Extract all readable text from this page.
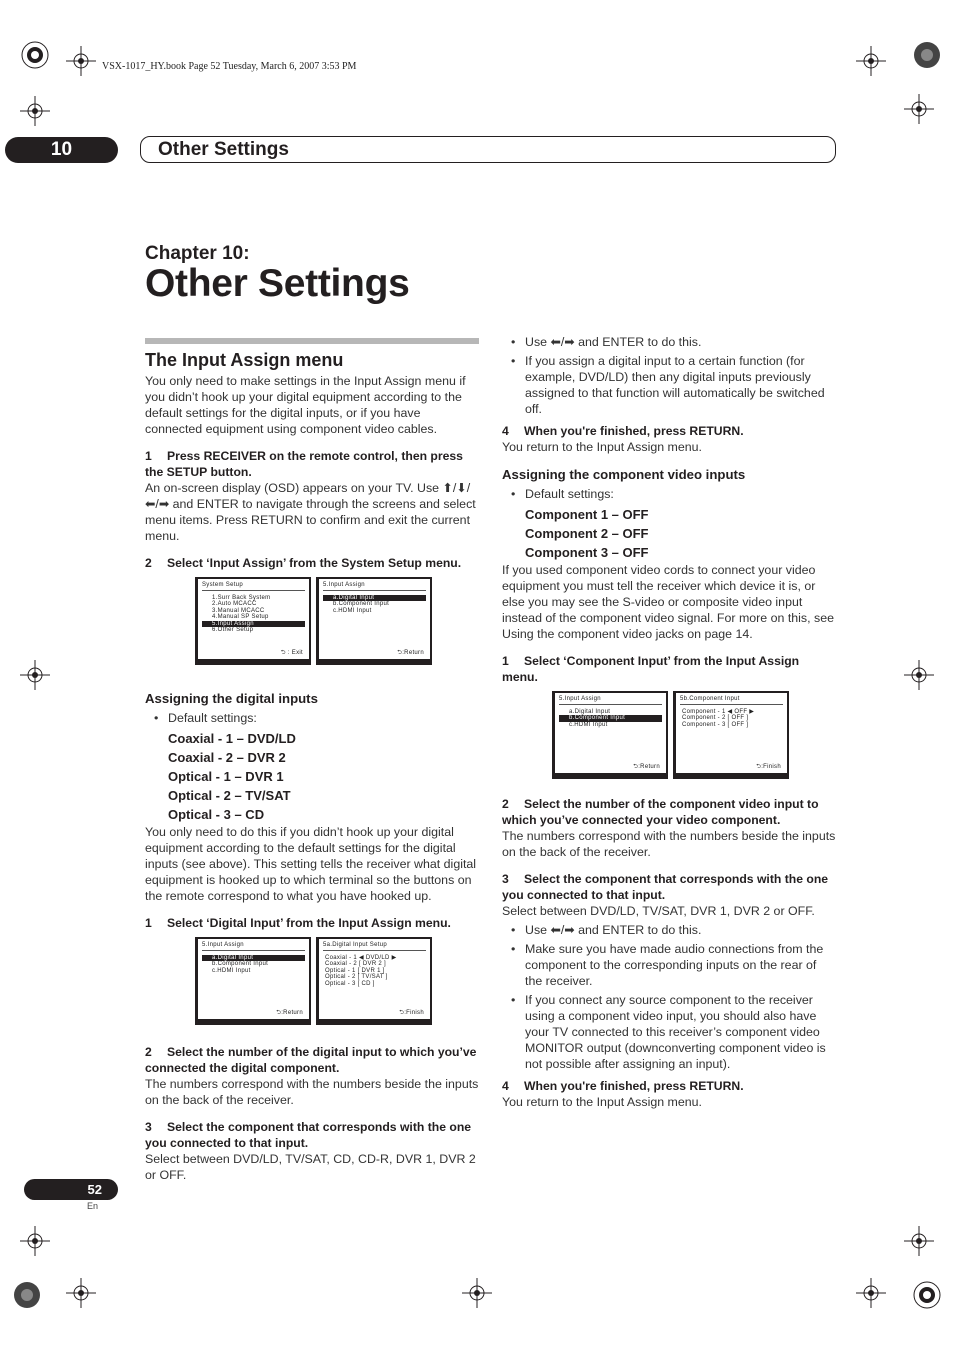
VSX-1017_HY.book Page 52 Tuesday, March 6, 2007 3:53 PM
10	Other Settings
Chapter 10:
Other Settings
The Input Assign menu

You only need to make settings in the Input Assign menu if you didn’t hook up your digital equipment according to the default settings for the digital inputs, or if you have connected equipment using component video cables.

1 Press RECEIVER on the remote control, then press the SETUP button.

An on-screen display (OSD) appears on your TV. Use ⬆/⬇/⬅/➡ and ENTER to navigate through the screens and select menu items. Press RETURN to confirm and exit the current menu.

2 Select ‘Input Assign’ from the System Setup menu.
System Setup
1.Surr Back System
2.Auto MCACC
3.Manual MCACC
4.Manual SP Setup
5.Input Assign
6.Other Setup
⮌ : Exit
5.Input Assign
a.Digital Input
b.Component Input
c.HDMI Input
⮌:Return
Assigning the digital inputs
• Default settings:
Coaxial - 1 – DVD/LD
Coaxial - 2 – DVR 2
Optical - 1 – DVR 1
Optical - 2 – TV/SAT
Optical - 3 – CD

You only need to do this if you didn’t hook up your digital equipment according to the default settings for the digital inputs (see above). This setting tells the receiver what digital equipment is hooked up to which terminal so the buttons on the remote correspond to what you have hooked up.

1 Select ‘Digital Input’ from the Input Assign menu.
5.Input Assign
a.Digital Input
b.Component Input
c.HDMI Input
⮌:Return
5a.Digital Input Setup
Coaxial - 1 ◀ DVD/LD ▶
Coaxial - 2 [ DVR 2 ]
Optical - 1 [ DVR 1 ]
Optical - 2 [ TV/SAT ]
Optical - 3 [ CD ]
⮌:Finish
2 Select the number of the digital input to which you’ve connected the digital component.

The numbers correspond with the numbers beside the inputs on the back of the receiver.

3 Select the component that corresponds with the one you connected to that input.

Select between DVD/LD, TV/SAT, CD, CD-R, DVR 1, DVR 2 or OFF.

• Use ⬅/➡ and ENTER to do this.
• If you assign a digital input to a certain function (for example, DVD/LD) then any digital inputs previously assigned to that function will automatically be switched off.
4 When you're finished, press RETURN.

You return to the Input Assign menu.

Assigning the component video inputs
• Default settings:
Component 1 – OFF
Component 2 – OFF
Component 3 – OFF

If you used component video cords to connect your video equipment you must tell the receiver which device it is, or else you may see the S-video or composite video input instead of the component video signal. For more on this, see Using the component video jacks on page 14.

1 Select ‘Component Input’ from the Input Assign menu.
5.Input Assign
a.Digital Input
b.Component Input
c.HDMI Input
⮌:Return
5b.Component Input
Component - 1 ◀ OFF ▶
Component - 2 [ OFF ]
Component - 3 [ OFF ]
⮌:Finish
2 Select the number of the component video input to which you’ve connected your video component.

The numbers correspond with the numbers beside the inputs on the back of the receiver.

3 Select the component that corresponds with the one you connected to that input.

Select between DVD/LD, TV/SAT, DVR 1, DVR 2 or OFF.

• Use ⬅/➡ and ENTER to do this.
• Make sure you have made audio connections from the component to the corresponding inputs on the rear of the receiver.
• If you connect any source component to the receiver using a component video input, you should also have your TV connected to this receiver’s component video MONITOR output (downconverting component video is not possible after assigning an input).
4 When you're finished, press RETURN.

You return to the Input Assign menu.

52
En
